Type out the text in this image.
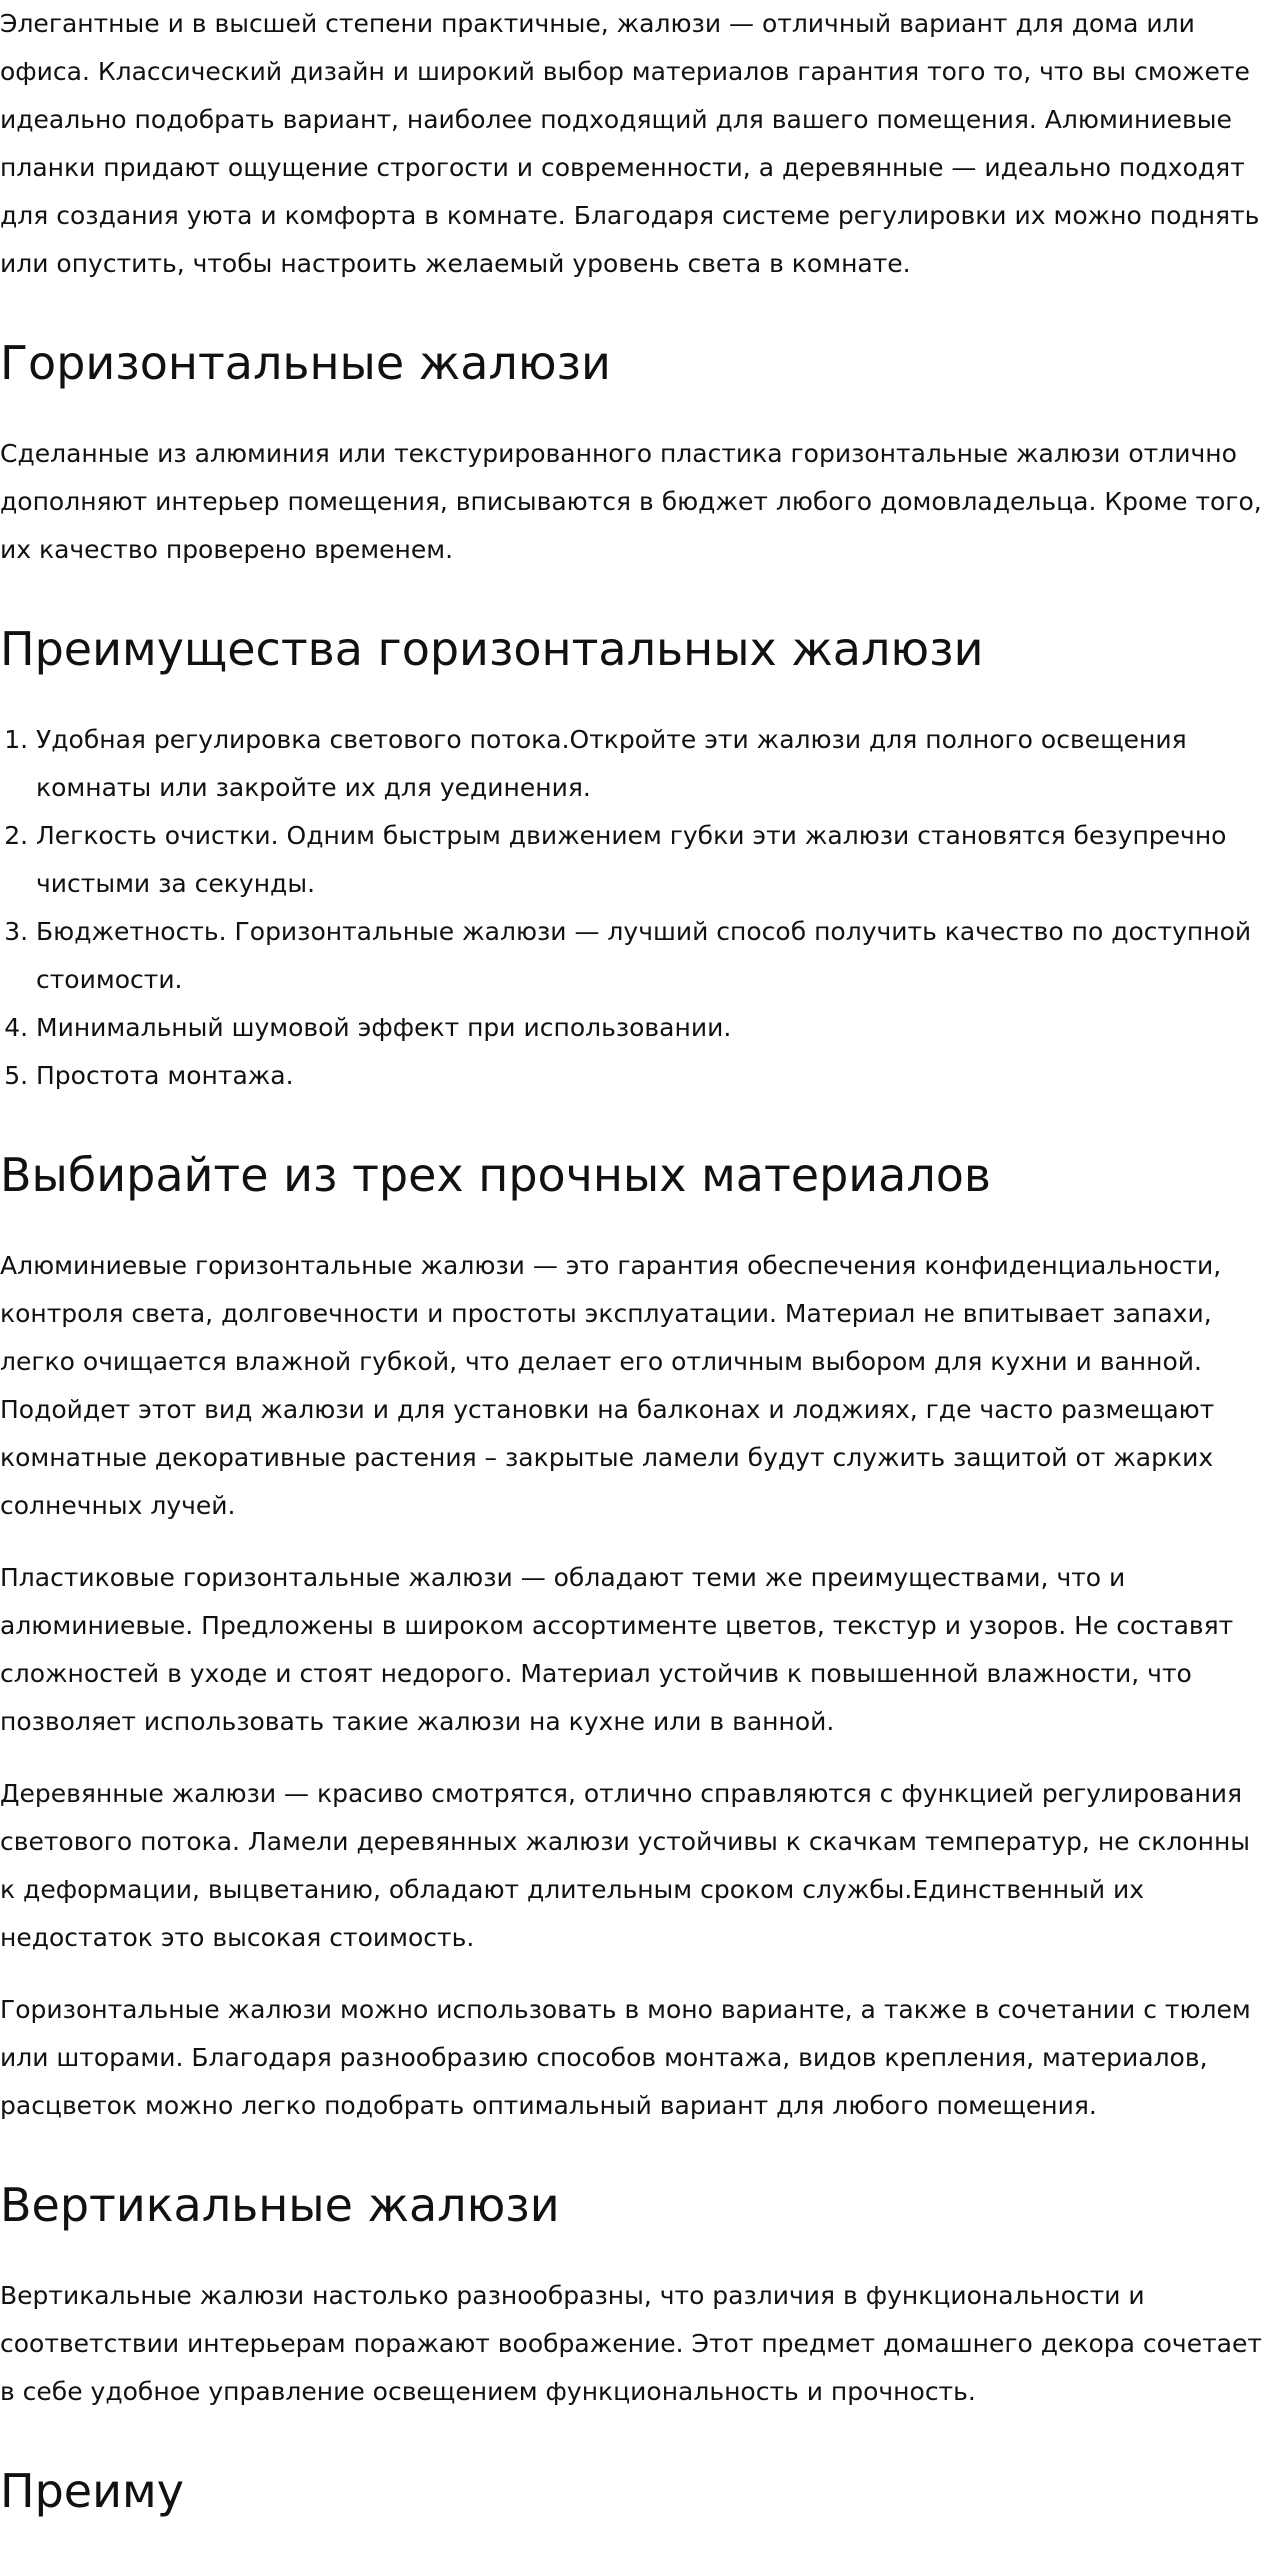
Элегантные и в высшей степени практичные, жалюзи — отличный вариант для дома или офиса. Классический дизайн и широкий выбор материалов гарантия того то, что вы сможете идеально подобрать вариант, наиболее подходящий для вашего помещения. Алюминиевые планки придают ощущение строгости и современности, а деревянные — идеально подходят для создания уюта и комфорта в комнате. Благодаря системе регулировки их можно поднять или опустить, чтобы настроить желаемый уровень света в комнате.

Горизонтальные жалюзи

Сделанные из алюминия или текстурированного пластика горизонтальные жалюзи отлично дополняют интерьер помещения, вписываются в бюджет любого домовладельца. Кроме того, их качество проверено временем.

Преимущества горизонтальных жалюзи
1. Удобная регулировка светового потока.Откройте эти жалюзи для полного освещения комнаты или закройте их для уединения.
2. Легкость очистки. Одним быстрым движением губки эти жалюзи становятся безупречно чистыми за секунды.
3. Бюджетность. Горизонтальные жалюзи — лучший способ получить качество по доступной стоимости.
4. Минимальный шумовой эффект при использовании.
5. Простота монтажа.
Выбирайте из трех прочных материалов

Алюминиевые горизонтальные жалюзи — это гарантия обеспечения конфиденциальности, контроля света, долговечности и простоты эксплуатации. Материал не впитывает запахи, легко очищается влажной губкой, что делает его отличным выбором для кухни и ванной. Подойдет этот вид жалюзи и для установки на балконах и лоджиях, где часто размещают комнатные декоративные растения – закрытые ламели будут служить защитой от жарких солнечных лучей.

Пластиковые горизонтальные жалюзи — обладают теми же преимуществами, что и алюминиевые. Предложены в широком ассортименте цветов, текстур и узоров. Не составят сложностей в уходе и стоят недорого. Материал устойчив к повышенной влажности, что позволяет использовать такие жалюзи на кухне или в ванной.

Деревянные жалюзи — красиво смотрятся, отлично справляются с функцией регулирования светового потока. Ламели деревянных жалюзи устойчивы к скачкам температур, не склонны к деформации, выцветанию, обладают длительным сроком службы.Единственный их недостаток это высокая стоимость.

Горизонтальные жалюзи можно использовать в моно варианте, а также в сочетании с тюлем или шторами. Благодаря разнообразию способов монтажа, видов крепления, материалов, расцветок можно легко подобрать оптимальный вариант для любого помещения.

Вертикальные жалюзи

Вертикальные жалюзи настолько разнообразны, что различия в функциональности и соответствии интерьерам поражают воображение. Этот предмет домашнего декора сочетает в себе удобное управление освещением функциональность и прочность.

Преиму
